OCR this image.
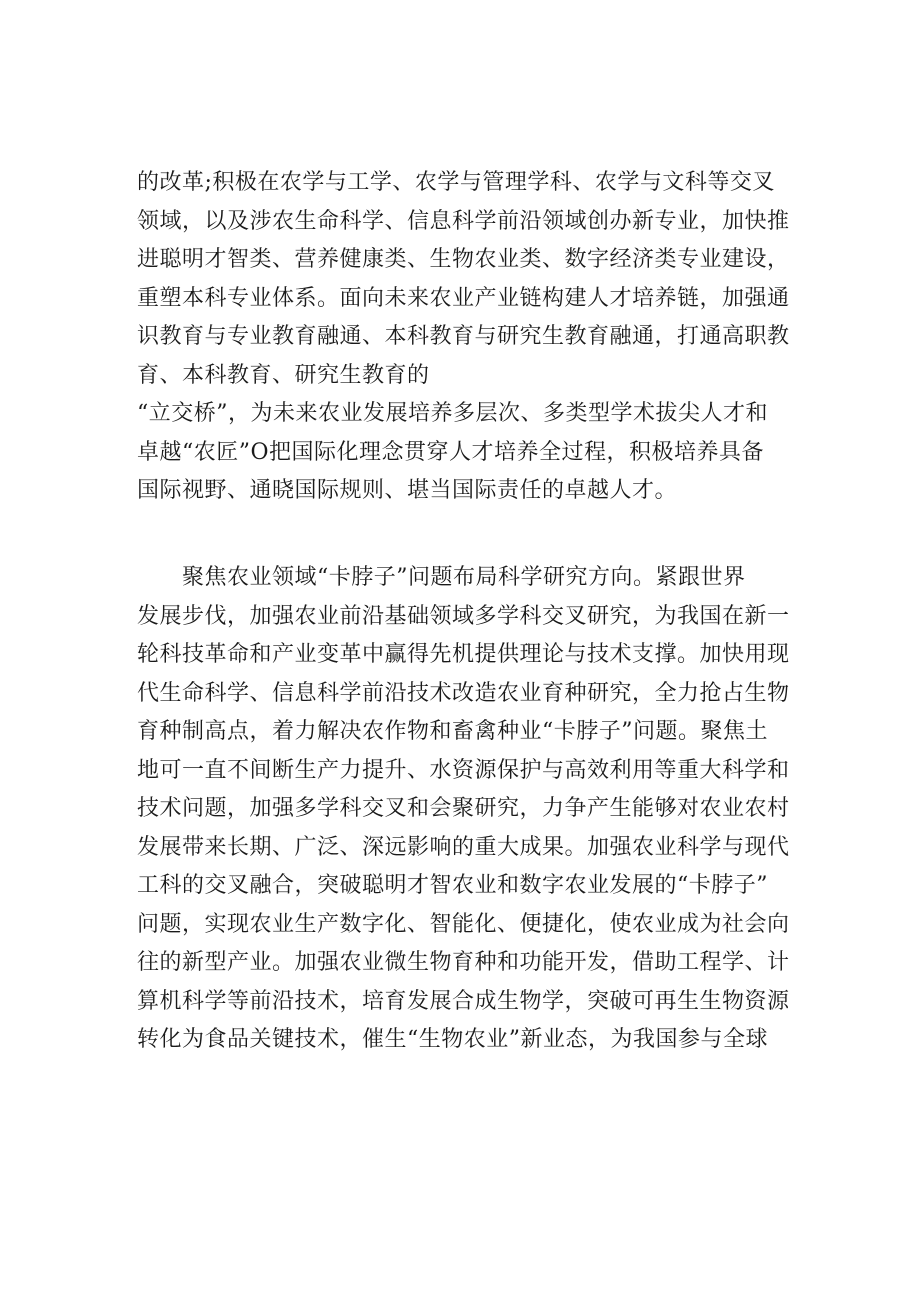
的改革;积极在农学与工学、农学与管理学科、农学与文科等交叉
领域，以及涉农生命科学、信息科学前沿领域创办新专业，加快推
进聪明才智类、营养健康类、生物农业类、数字经济类专业建设，
重塑本科专业体系。面向未来农业产业链构建人才培养链，加强通
识教育与专业教育融通、本科教育与研究生教育融通，打通高职教
育、本科教育、研究生教育的
“立交桥”，为未来农业发展培养多层次、多类型学术拔尖人才和
卓越“农匠”O把国际化理念贯穿人才培养全过程，积极培养具备
国际视野、通晓国际规则、堪当国际责任的卓越人才。
　　聚焦农业领域“卡脖子”问题布局科学研究方向。紧跟世界
发展步伐，加强农业前沿基础领域多学科交叉研究，为我国在新一
轮科技革命和产业变革中赢得先机提供理论与技术支撑。加快用现
代生命科学、信息科学前沿技术改造农业育种研究，全力抢占生物
育种制高点，着力解决农作物和畜禽种业“卡脖子”问题。聚焦土
地可一直不间断生产力提升、水资源保护与高效利用等重大科学和
技术问题，加强多学科交叉和会聚研究，力争产生能够对农业农村
发展带来长期、广泛、深远影响的重大成果。加强农业科学与现代
工科的交叉融合，突破聪明才智农业和数字农业发展的“卡脖子”
问题，实现农业生产数字化、智能化、便捷化，使农业成为社会向
往的新型产业。加强农业微生物育种和功能开发，借助工程学、计
算机科学等前沿技术，培育发展合成生物学，突破可再生生物资源
转化为食品关键技术，催生“生物农业”新业态，为我国参与全球
